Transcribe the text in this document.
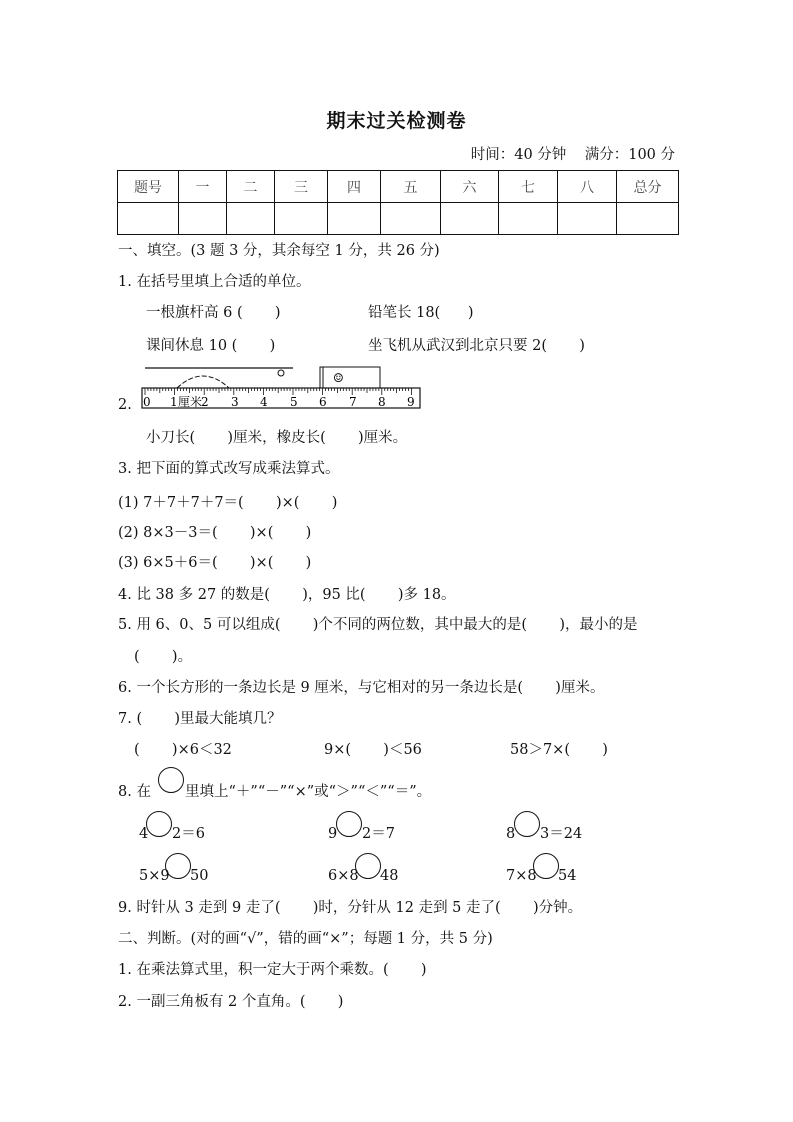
期末过关检测卷
时间：40 分钟    满分：100 分
题号	一	二	三	四	五	六	七	八	总分

一、填空。(3 题 3 分，其余每空 1 分，共 26 分)
1. 在括号里填上合适的单位。
一根旗杆高 6 (       )	铅笔长 18(      )
课间休息 10 (       )	坐飞机从武汉到北京只要 2(       )
2.
☺
0 1 厘米
2 3 4 5 6 7 8 9
小刀长(       )厘米，橡皮长(       )厘米。
3. 把下面的算式改写成乘法算式。
(1) 7＋7＋7＋7＝(       )×(       )
(2) 8×3－3＝(       )×(       )
(3) 6×5＋6＝(       )×(       )
4. 比 38 多 27 的数是(       )，95 比(       )多 18。
5. 用 6、0、5 可以组成(       )个不同的两位数，其中最大的是(       )，最小的是
(       )。
6. 一个长方形的一条边长是 9 厘米，与它相对的另一条边长是(       )厘米。
7. (       )里最大能填几？
(       )×6＜32	9×(       )＜56	58＞7×(       )
8. 在 里填上“＋”“－”“×”或“＞”“＜”“＝”。
4 2＝6	9 2＝7	8 3＝24
5×9 50	6×8 48	7×8 54
9. 时针从 3 走到 9 走了(       )时，分针从 12 走到 5 走了(       )分钟。
二、判断。(对的画“√”，错的画“×”；每题 1 分，共 5 分)
1. 在乘法算式里，积一定大于两个乘数。(       )
2. 一副三角板有 2 个直角。(       )
